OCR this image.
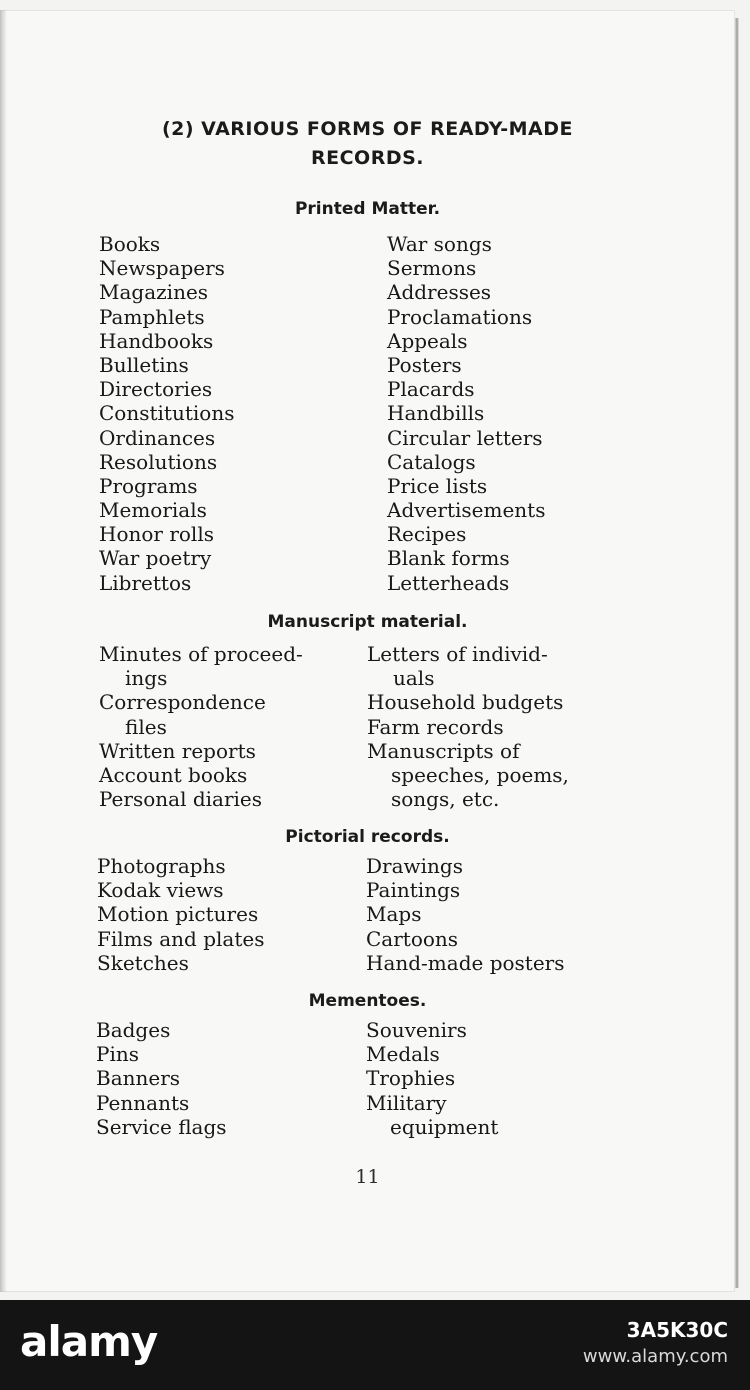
(2) VARIOUS FORMS OF READY-MADE
RECORDS.
Printed Matter.
Books
Newspapers
Magazines
Pamphlets
Handbooks
Bulletins
Directories
Constitutions
Ordinances
Resolutions
Programs
Memorials
Honor rolls
War poetry
Librettos
War songs
Sermons
Addresses
Proclamations
Appeals
Posters
Placards
Handbills
Circular letters
Catalogs
Price lists
Advertisements
Recipes
Blank forms
Letterheads
Manuscript material.
Minutes of proceed-
ings
Correspondence
files
Written reports
Account books
Personal diaries
Letters of individ-
uals
Household budgets
Farm records
Manuscripts of
speeches, poems,
songs, etc.
Pictorial records.
Photographs
Kodak views
Motion pictures
Films and plates
Sketches
Drawings
Paintings
Maps
Cartoons
Hand-made posters
Mementoes.
Badges
Pins
Banners
Pennants
Service flags
Souvenirs
Medals
Trophies
Military
equipment
11
alamy	3A5K30C
www.alamy.com
